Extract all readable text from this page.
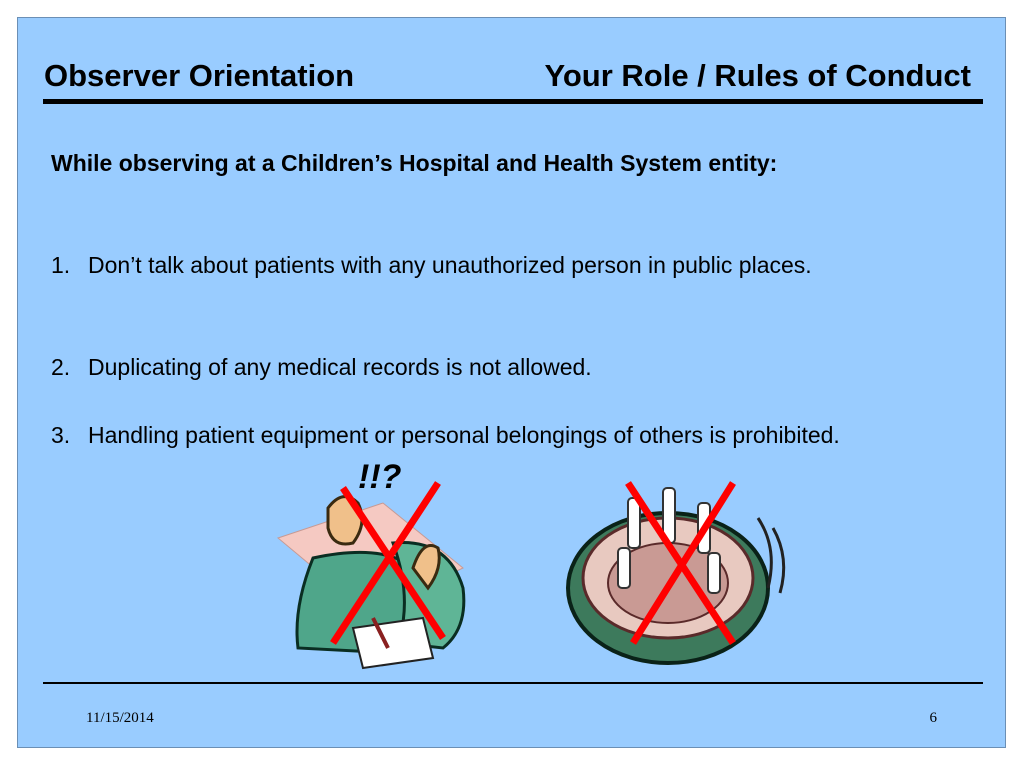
Observer Orientation	Your Role / Rules of Conduct
While observing at a Children’s Hospital and Health System entity:
1. Don’t talk about patients with any unauthorized person in public places.
2. Duplicating of any medical records is not allowed.
3. Handling patient equipment or personal belongings of others is prohibited.
!!?
11/15/2014	6
